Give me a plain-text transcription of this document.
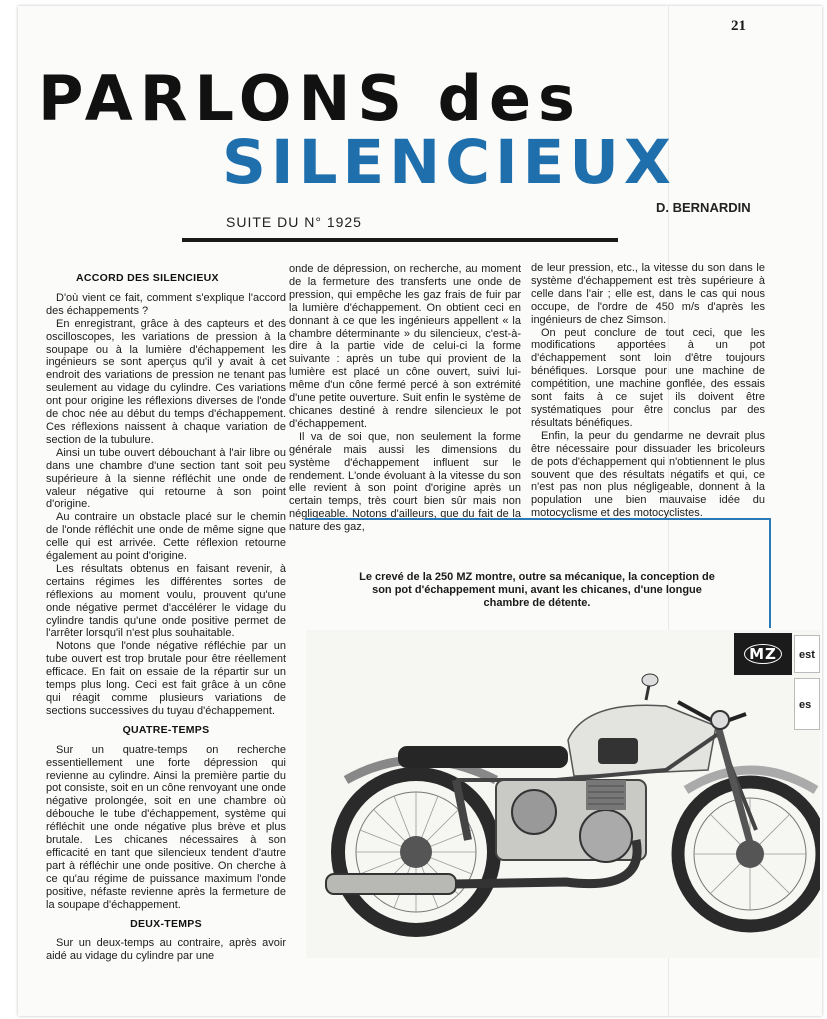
21
PARLONS des
SILENCIEUX
SUITE DU N° 1925
D. BERNARDIN
ACCORD DES SILENCIEUX

D'où vient ce fait, comment s'explique l'accord des échappements ?

En enregistrant, grâce à des capteurs et des oscilloscopes, les variations de pression à la soupape ou à la lumière d'échappement les ingénieurs se sont aperçus qu'il y avait à cet endroit des variations de pression ne tenant pas seulement au vidage du cylindre. Ces variations ont pour origine les réflexions diverses de l'onde de choc née au début du temps d'échappement. Ces réflexions naissent à chaque variation de section de la tubulure.

Ainsi un tube ouvert débouchant à l'air libre ou dans une chambre d'une section tant soit peu supérieure à la sienne réfléchit une onde de valeur négative qui retourne à son point d'origine.

Au contraire un obstacle placé sur le chemin de l'onde réfléchit une onde de même signe que celle qui est arrivée. Cette réflexion retourne également au point d'origine.

Les résultats obtenus en faisant revenir, à certains régimes les différentes sortes de réflexions au moment voulu, prouvent qu'une onde négative permet d'accélérer le vidage du cylindre tandis qu'une onde positive permet de l'arrêter lorsqu'il n'est plus souhaitable.

Notons que l'onde négative réfléchie par un tube ouvert est trop brutale pour être réellement efficace. En fait on essaie de la répartir sur un temps plus long. Ceci est fait grâce à un cône qui réagit comme plusieurs variations de sections successives du tuyau d'échappement.

QUATRE-TEMPS

Sur un quatre-temps on recherche essentiellement une forte dépression qui revienne au cylindre. Ainsi la première partie du pot consiste, soit en un cône renvoyant une onde négative prolongée, soit en une chambre où débouche le tube d'échappement, système qui réfléchit une onde négative plus brève et plus brutale. Les chicanes nécessaires à son efficacité en tant que silencieux tendent d'autre part à réfléchir une onde positive. On cherche à ce qu'au régime de puissance maximum l'onde positive, néfaste revienne après la fermeture de la soupape d'échappement.

DEUX-TEMPS

Sur un deux-temps au contraire, après avoir aidé au vidage du cylindre par une

onde de dépression, on recherche, au moment de la fermeture des transferts une onde de pression, qui empêche les gaz frais de fuir par la lumière d'échappement. On obtient ceci en donnant à ce que les ingénieurs appellent « la chambre déterminante » du silencieux, c'est-à-dire à la partie vide de celui-ci la forme suivante : après un tube qui provient de la lumière est placé un cône ouvert, suivi lui-même d'un cône fermé percé à son extrémité d'une petite ouverture. Suit enfin le système de chicanes destiné à rendre silencieux le pot d'échappement.

Il va de soi que, non seulement la forme générale mais aussi les dimensions du système d'échappement influent sur le rendement. L'onde évoluant à la vitesse du son elle revient à son point d'origine après un certain temps, très court bien sûr mais non négligeable. Notons d'ailleurs, que du fait de la nature des gaz,

de leur pression, etc., la vitesse du son dans le système d'échappement est très supérieure à celle dans l'air ; elle est, dans le cas qui nous occupe, de l'ordre de 450 m/s d'après les ingénieurs de chez Simson.

On peut conclure de tout ceci, que les modifications apportées à un pot d'échappement sont loin d'être toujours bénéfiques. Lorsque pour une machine de compétition, une machine gonflée, des essais sont faits à ce sujet ils doivent être systématiques pour être conclus par des résultats bénéfiques.

Enfin, la peur du gendarme ne devrait plus être nécessaire pour dissuader les bricoleurs de pots d'échappement qui n'obtiennent le plus souvent que des résultats négatifs et qui, ce n'est pas non plus négligeable, donnent à la population une bien mauvaise idée du motocyclisme et des motocyclistes.

Le crevé de la 250 MZ montre, outre sa mécanique, la conception de son pot d'échappement muni, avant les chicanes, d'une longue chambre de détente.
MZ	est
es
